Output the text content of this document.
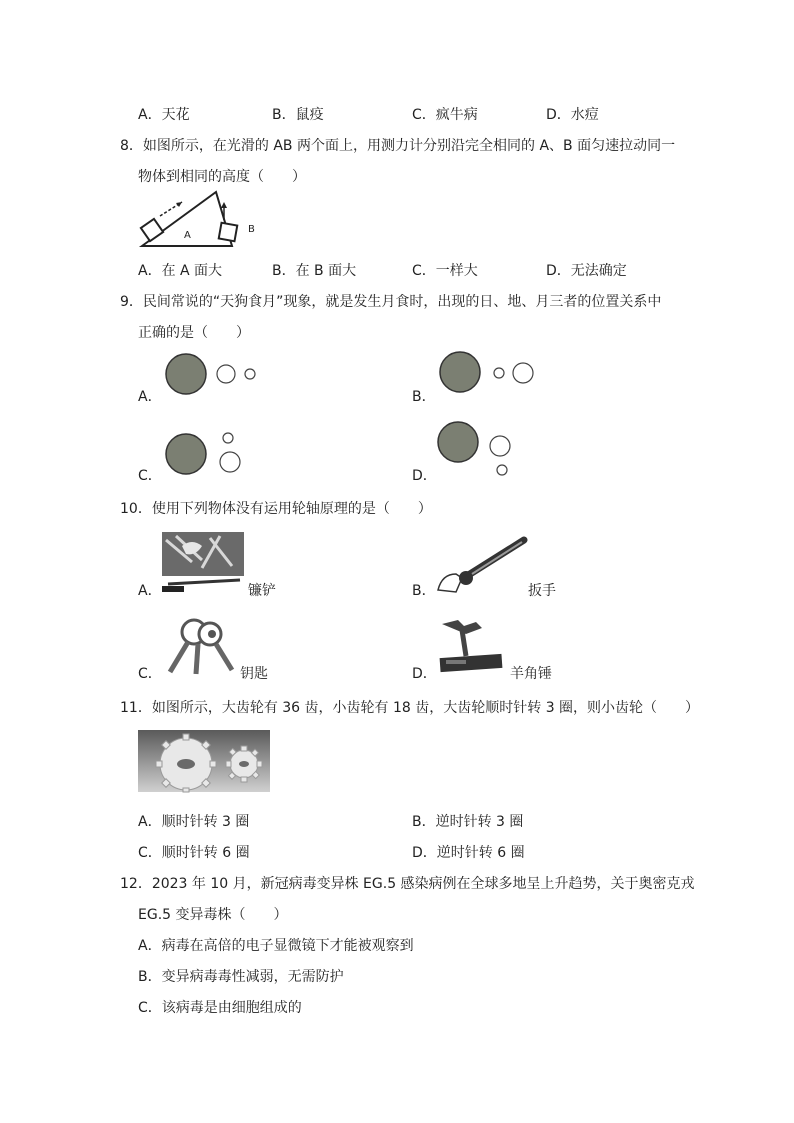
A．天花	B．鼠疫	C．疯牛病	D．水痘
8．如图所示，在光滑的 AB 两个面上，用测力计分别沿完全相同的 A、B 面匀速拉动同一
物体到相同的高度（　　）
A
B
A．在 A 面大	B．在 B 面大	C．一样大	D．无法确定
9．民间常说的“天狗食月”现象，就是发生月食时，出现的日、地、月三者的位置关系中
正确的是（　　）
A．	B．
C．	D．
10．使用下列物体没有运用轮轴原理的是（　　）
A．	镰铲	B．	扳手
C．	钥匙	D．	羊角锤
11．如图所示，大齿轮有 36 齿，小齿轮有 18 齿，大齿轮顺时针转 3 圈，则小齿轮（　　）
A．顺时针转 3 圈	B．逆时针转 3 圈
C．顺时针转 6 圈	D．逆时针转 6 圈
12．2023 年 10 月，新冠病毒变异株 EG.5 感染病例在全球多地呈上升趋势，关于奥密克戎
EG.5 变异毒株（　　）
A．病毒在高倍的电子显微镜下才能被观察到
B．变异病毒毒性减弱，无需防护
C．该病毒是由细胞组成的
